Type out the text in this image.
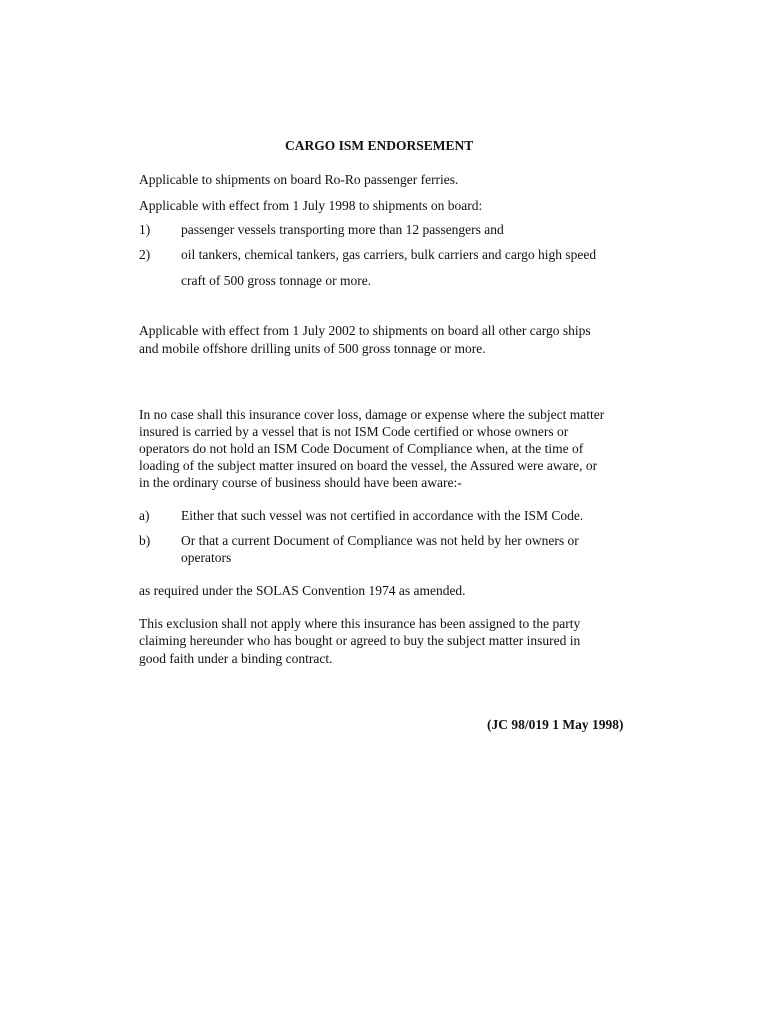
CARGO ISM ENDORSEMENT
Applicable to shipments on board Ro-Ro passenger ferries.
Applicable with effect from 1 July 1998 to shipments on board:
1) passenger vessels transporting more than 12 passengers and
2) oil tankers, chemical tankers, gas carriers, bulk carriers and cargo high speed
craft of 500 gross tonnage or more.
Applicable with effect from 1 July 2002 to shipments on board all other cargo ships
and mobile offshore drilling units of 500 gross tonnage or more.
In no case shall this insurance cover loss, damage or expense where the subject matter
insured is carried by a vessel that is not ISM Code certified or whose owners or
operators do not hold an ISM Code Document of Compliance when, at the time of
loading of the subject matter insured on board the vessel, the Assured were aware, or
in the ordinary course of business should have been aware:-
a) Either that such vessel was not certified in accordance with the ISM Code.
b) Or that a current Document of Compliance was not held by her owners or
operators
as required under the SOLAS Convention 1974 as amended.
This exclusion shall not apply where this insurance has been assigned to the party
claiming hereunder who has bought or agreed to buy the subject matter insured in
good faith under a binding contract.
(JC 98/019 1 May 1998)
